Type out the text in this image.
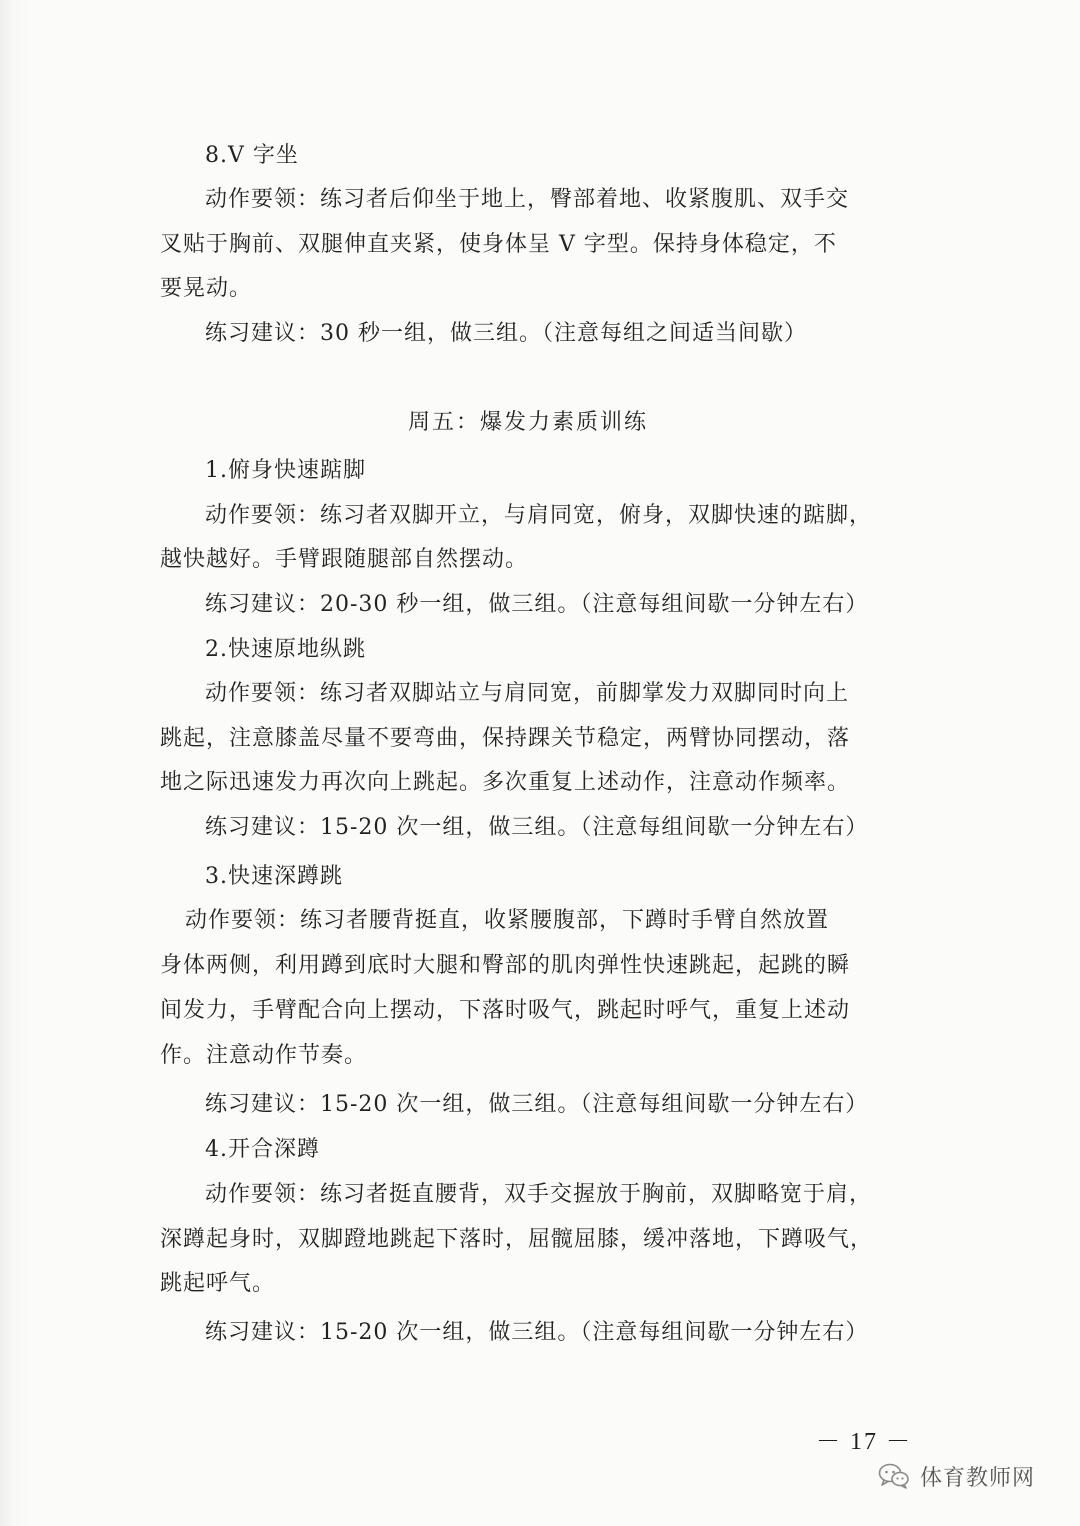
8.V 字坐
动作要领：练习者后仰坐于地上，臀部着地、收紧腹肌、双手交
叉贴于胸前、双腿伸直夹紧，使身体呈 V 字型。保持身体稳定，不
要晃动。
练习建议：30 秒一组，做三组。（注意每组之间适当间歇）
周五：爆发力素质训练
1.俯身快速踮脚
动作要领：练习者双脚开立，与肩同宽，俯身，双脚快速的踮脚，
越快越好。手臂跟随腿部自然摆动。
练习建议：20-30 秒一组，做三组。（注意每组间歇一分钟左右）
2.快速原地纵跳
动作要领：练习者双脚站立与肩同宽，前脚掌发力双脚同时向上
跳起，注意膝盖尽量不要弯曲，保持踝关节稳定，两臂协同摆动，落
地之际迅速发力再次向上跳起。多次重复上述动作，注意动作频率。
练习建议：15-20 次一组，做三组。（注意每组间歇一分钟左右）
3.快速深蹲跳
动作要领：练习者腰背挺直，收紧腰腹部，下蹲时手臂自然放置
身体两侧，利用蹲到底时大腿和臀部的肌肉弹性快速跳起，起跳的瞬
间发力，手臂配合向上摆动，下落时吸气，跳起时呼气，重复上述动
作。注意动作节奏。
练习建议：15-20 次一组，做三组。（注意每组间歇一分钟左右）
4.开合深蹲
动作要领：练习者挺直腰背，双手交握放于胸前，双脚略宽于肩，
深蹲起身时，双脚蹬地跳起下落时，屈髋屈膝，缓冲落地，下蹲吸气，
跳起呼气。
练习建议：15-20 次一组，做三组。（注意每组间歇一分钟左右）
－ 17 －
体育教师网
